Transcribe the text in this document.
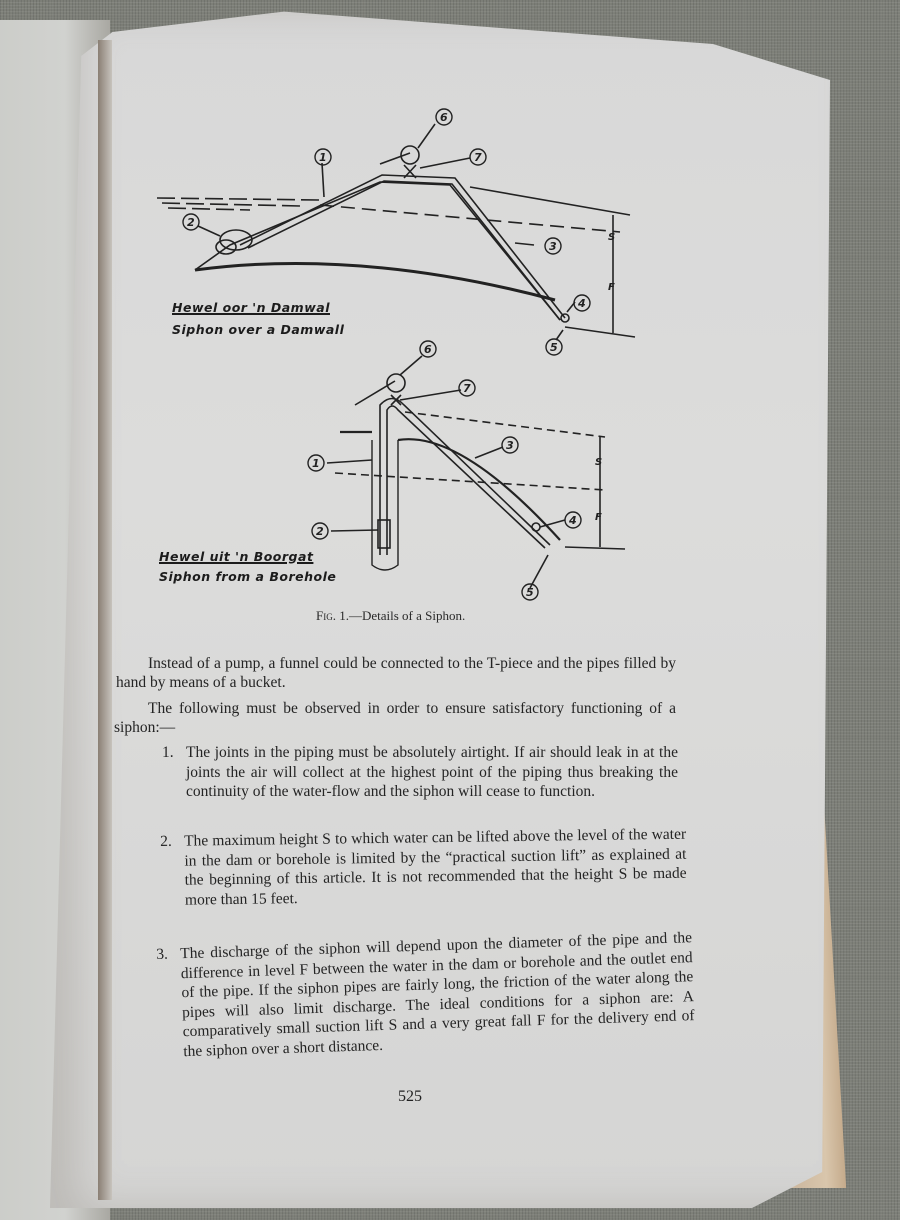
1
2
3
4
5
6
7
1
2
3
4
5
6
7
S
F
S
F
Hewel oor 'n Damwal
Siphon over a Damwall
Hewel uit 'n Boorgat
Siphon from a Borehole
Fig. 1.—Details of a Siphon.
Instead of a pump, a funnel could be connected to the T-piece and the pipes filled by hand by means of a bucket.
The following must be observed in order to ensure satisfactory functioning of a siphon:—
1. The joints in the piping must be absolutely airtight. If air should leak in at the joints the air will collect at the highest point of the piping thus breaking the continuity of the water-flow and the siphon will cease to function.
2. The maximum height S to which water can be lifted above the level of the water in the dam or borehole is limited by the “practical suction lift” as explained at the beginning of this article. It is not recommended that the height S be made more than 15 feet.
3. The discharge of the siphon will depend upon the diameter of the pipe and the difference in level F between the water in the dam or borehole and the outlet end of the pipe. If the siphon pipes are fairly long, the friction of the water along the pipes will also limit discharge. The ideal conditions for a siphon are: A comparatively small suction lift S and a very great fall F for the delivery end of the siphon over a short distance.
525
